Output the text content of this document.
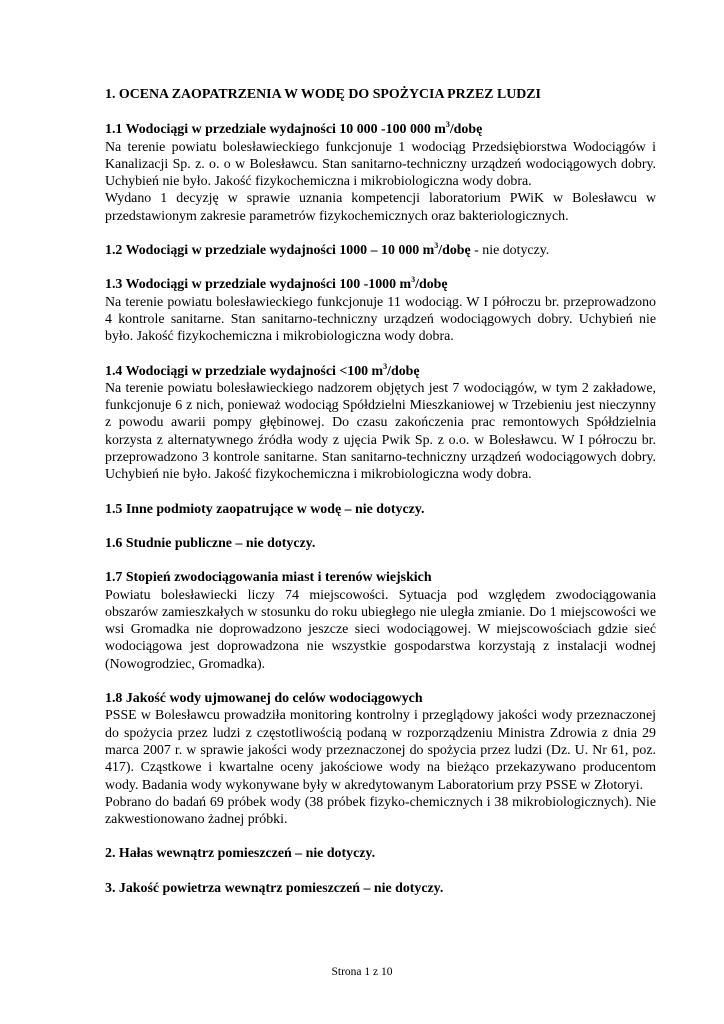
1. OCENA ZAOPATRZENIA W WODĘ DO SPOŻYCIA PRZEZ LUDZI
1.1 Wodociągi w przedziale wydajności 10 000 -100 000 $m^3$/dobę

Na terenie powiatu bolesławieckiego funkcjonuje 1 wodociąg Przedsiębiorstwa Wodociągów i Kanalizacji Sp. z. o. o w Bolesławcu. Stan sanitarno-techniczny urządzeń wodociągowych dobry. Uchybień nie było. Jakość fizykochemiczna i mikrobiologiczna wody dobra.

Wydano 1 decyzję w sprawie uznania kompetencji laboratorium PWiK w Bolesławcu w przedstawionym zakresie parametrów fizykochemicznych oraz bakteriologicznych.

1.2 Wodociągi w przedziale wydajności 1000 – 10 000 $m^3$/dobę - nie dotyczy.
1.3 Wodociągi w przedziale wydajności 100 -1000 $m^3$/dobę

Na terenie powiatu bolesławieckiego funkcjonuje 11 wodociąg. W I półroczu br. przeprowadzono 4 kontrole sanitarne. Stan sanitarno-techniczny urządzeń wodociągowych dobry. Uchybień nie było. Jakość fizykochemiczna i mikrobiologiczna wody dobra.

1.4 Wodociągi w przedziale wydajności <100 $m^3$/dobę

Na terenie powiatu bolesławieckiego nadzorem objętych jest 7 wodociągów, w tym 2 zakładowe, funkcjonuje 6 z nich, ponieważ wodociąg Spółdzielni Mieszkaniowej w Trzebieniu jest nieczynny z powodu awarii pompy głębinowej. Do czasu zakończenia prac remontowych Spółdzielnia korzysta z alternatywnego źródła wody z ujęcia Pwik Sp. z o.o. w Bolesławcu. W I półroczu br. przeprowadzono 3 kontrole sanitarne. Stan sanitarno-techniczny urządzeń wodociągowych dobry. Uchybień nie było. Jakość fizykochemiczna i mikrobiologiczna wody dobra.

1.5 Inne podmioty zaopatrujące w wodę – nie dotyczy.
1.6 Studnie publiczne – nie dotyczy.
1.7 Stopień zwodociągowania miast i terenów wiejskich

Powiatu bolesławiecki liczy 74 miejscowości. Sytuacja pod względem zwodociągowania obszarów zamieszkałych w stosunku do roku ubiegłego nie uległa zmianie. Do 1 miejscowości we wsi Gromadka nie doprowadzono jeszcze sieci wodociągowej. W miejscowościach gdzie sieć wodociągowa jest doprowadzona nie wszystkie gospodarstwa korzystają z instalacji wodnej (Nowogrodziec, Gromadka).

1.8 Jakość wody ujmowanej do celów wodociągowych

PSSE w Bolesławcu prowadziła monitoring kontrolny i przeglądowy jakości wody przeznaczonej do spożycia przez ludzi z częstotliwością podaną w rozporządzeniu Ministra Zdrowia z dnia 29 marca 2007 r. w sprawie jakości wody przeznaczonej do spożycia przez ludzi (Dz. U. Nr 61, poz. 417). Cząstkowe i kwartalne oceny jakościowe wody na bieżąco przekazywano producentom wody. Badania wody wykonywane były w akredytowanym Laboratorium przy PSSE w Złotoryi.

Pobrano do badań 69 próbek wody (38 próbek fizyko-chemicznych i 38 mikrobiologicznych). Nie zakwestionowano żadnej próbki.

2. Hałas wewnątrz pomieszczeń – nie dotyczy.
3. Jakość powietrza wewnątrz pomieszczeń – nie dotyczy.
Strona 1 z 10
